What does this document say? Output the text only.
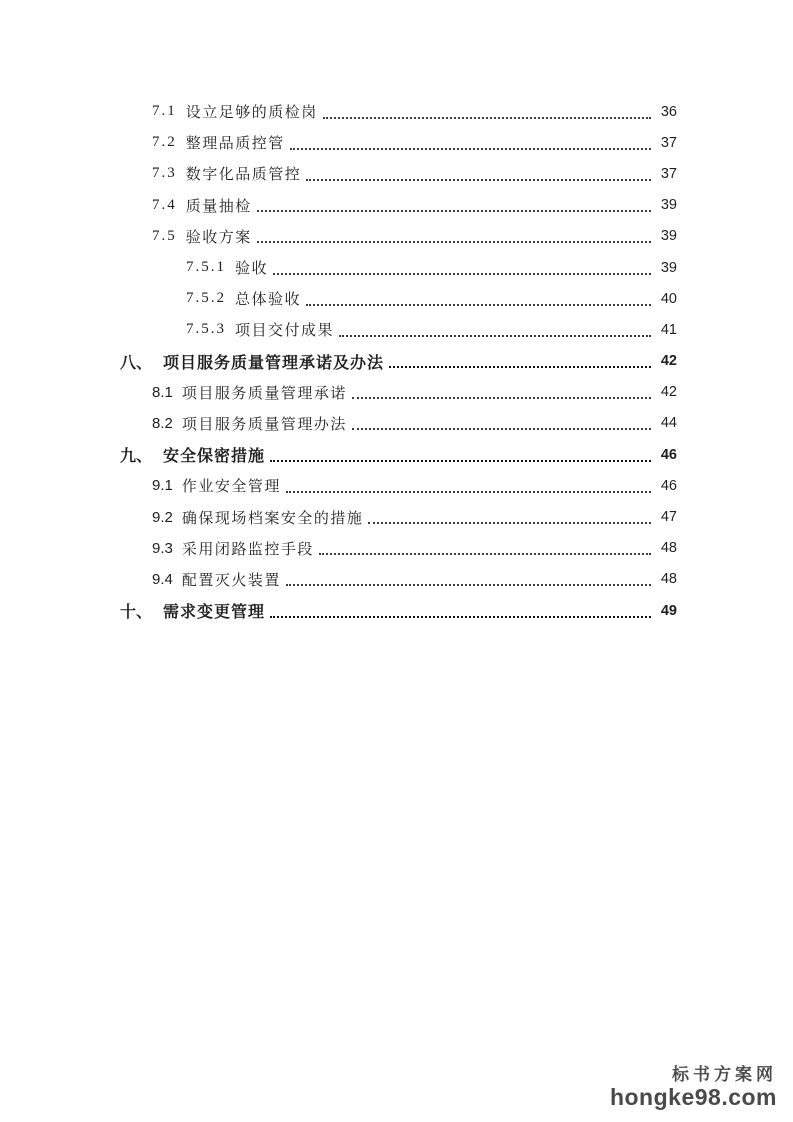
7.1 设立足够的质检岗	36
7.2 整理品质控管	37
7.3 数字化品质管控	37
7.4 质量抽检	39
7.5 验收方案	39
7.5.1 验收	39
7.5.2 总体验收	40
7.5.3 项目交付成果	41
八、 项目服务质量管理承诺及办法	42
8.1 项目服务质量管理承诺	42
8.2 项目服务质量管理办法	44
九、 安全保密措施	46
9.1 作业安全管理	46
9.2 确保现场档案安全的措施	47
9.3 采用闭路监控手段	48
9.4 配置灭火装置	48
十、 需求变更管理	49
标书方案网
hongke98.com
